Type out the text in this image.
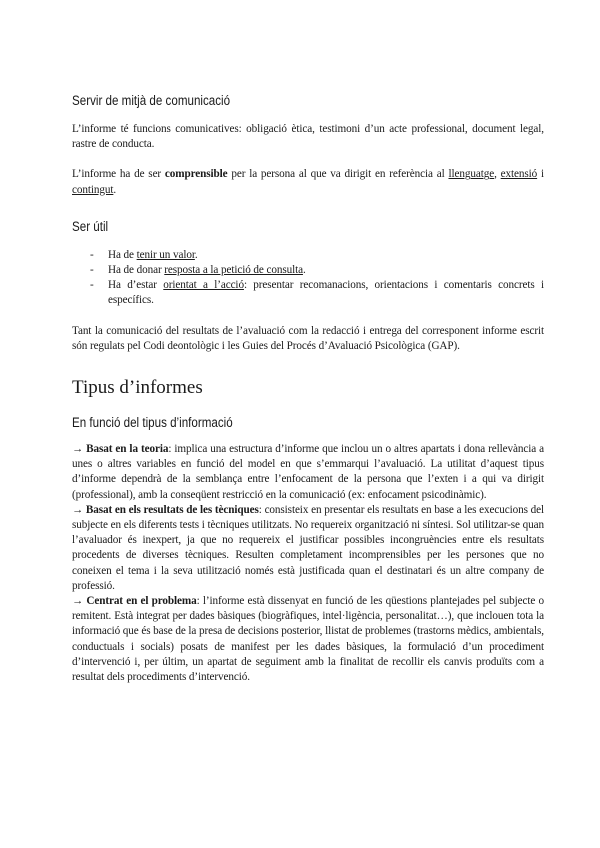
Servir de mitjà de comunicació

L’informe té funcions comunicatives: obligació ètica, testimoni d’un acte professional, document legal, rastre de conducta.

L’informe ha de ser comprensible per la persona al que va dirigit en referència al llenguatge, extensió i contingut.

Ser útil
- Ha de tenir un valor.
- Ha de donar resposta a la petició de consulta.
- Ha d’estar orientat a l’acció: presentar recomanacions, orientacions i comentaris concrets i específics.

Tant la comunicació del resultats de l’avaluació com la redacció i entrega del corresponent informe escrit són regulats pel Codi deontològic i les Guies del Procés d’Avaluació Psicològica (GAP).

Tipus d’informes
En funció del tipus d’informació

→ Basat en la teoria: implica una estructura d’informe que inclou un o altres apartats i dona rellevància a unes o altres variables en funció del model en que s’emmarqui l’avaluació. La utilitat d’aquest tipus d’informe dependrà de la semblança entre l’enfocament de la persona que l’exten i a qui va dirigit (professional), amb la conseqüent restricció en la comunicació (ex: enfocament psicodinàmic).

→ Basat en els resultats de les tècniques: consisteix en presentar els resultats en base a les execucions del subjecte en els diferents tests i tècniques utilitzats. No requereix organització ni síntesi. Sol utilitzar-se quan l’avaluador és inexpert, ja que no requereix el justificar possibles incongruències entre els resultats procedents de diverses tècniques. Resulten completament incomprensibles per les persones que no coneixen el tema i la seva utilització només està justificada quan el destinatari és un altre company de professió.

→ Centrat en el problema: l’informe està dissenyat en funció de les qüestions plantejades pel subjecte o remitent. Està integrat per dades bàsiques (biogràfiques, intel·ligència, personalitat…), que inclouen tota la informació que és base de la presa de decisions posterior, llistat de problemes (trastorns mèdics, ambientals, conductuals i socials) posats de manifest per les dades bàsiques, la formulació d’un procediment d’intervenció i, per últim, un apartat de seguiment amb la finalitat de recollir els canvis produïts com a resultat dels procediments d’intervenció.
